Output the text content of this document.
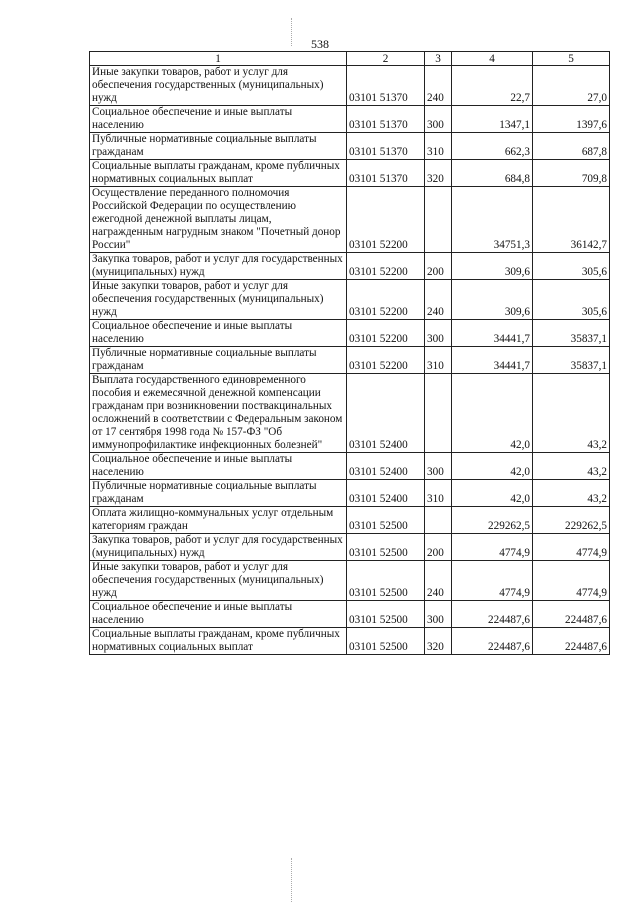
538
1	2	3	4	5
Иные закупки товаров, работ и услуг для обеспечения государственных (муниципальных) нужд	03101 51370	240	22,7	27,0
Социальное обеспечение и иные выплаты населению	03101 51370	300	1347,1	1397,6
Публичные нормативные социальные выплаты гражданам	03101 51370	310	662,3	687,8
Социальные выплаты гражданам, кроме публичных нормативных социальных выплат	03101 51370	320	684,8	709,8
Осуществление переданного полномочия Российской Федерации по осуществлению ежегодной денежной выплаты лицам, награжденным нагрудным знаком "Почетный донор России"	03101 52200		34751,3	36142,7
Закупка товаров, работ и услуг для государственных (муниципальных) нужд	03101 52200	200	309,6	305,6
Иные закупки товаров, работ и услуг для обеспечения государственных (муниципальных) нужд	03101 52200	240	309,6	305,6
Социальное обеспечение и иные выплаты населению	03101 52200	300	34441,7	35837,1
Публичные нормативные социальные выплаты гражданам	03101 52200	310	34441,7	35837,1
Выплата государственного единовременного пособия и ежемесячной денежной компенсации гражданам при возникновении поствакцинальных осложнений в соответствии с Федеральным законом от 17 сентября 1998 года № 157-ФЗ "Об иммунопрофилактике инфекционных болезней"	03101 52400		42,0	43,2
Социальное обеспечение и иные выплаты населению	03101 52400	300	42,0	43,2
Публичные нормативные социальные выплаты гражданам	03101 52400	310	42,0	43,2
Оплата жилищно-коммунальных услуг отдельным категориям граждан	03101 52500		229262,5	229262,5
Закупка товаров, работ и услуг для государственных (муниципальных) нужд	03101 52500	200	4774,9	4774,9
Иные закупки товаров, работ и услуг для обеспечения государственных (муниципальных) нужд	03101 52500	240	4774,9	4774,9
Социальное обеспечение и иные выплаты населению	03101 52500	300	224487,6	224487,6
Социальные выплаты гражданам, кроме публичных нормативных социальных выплат	03101 52500	320	224487,6	224487,6
